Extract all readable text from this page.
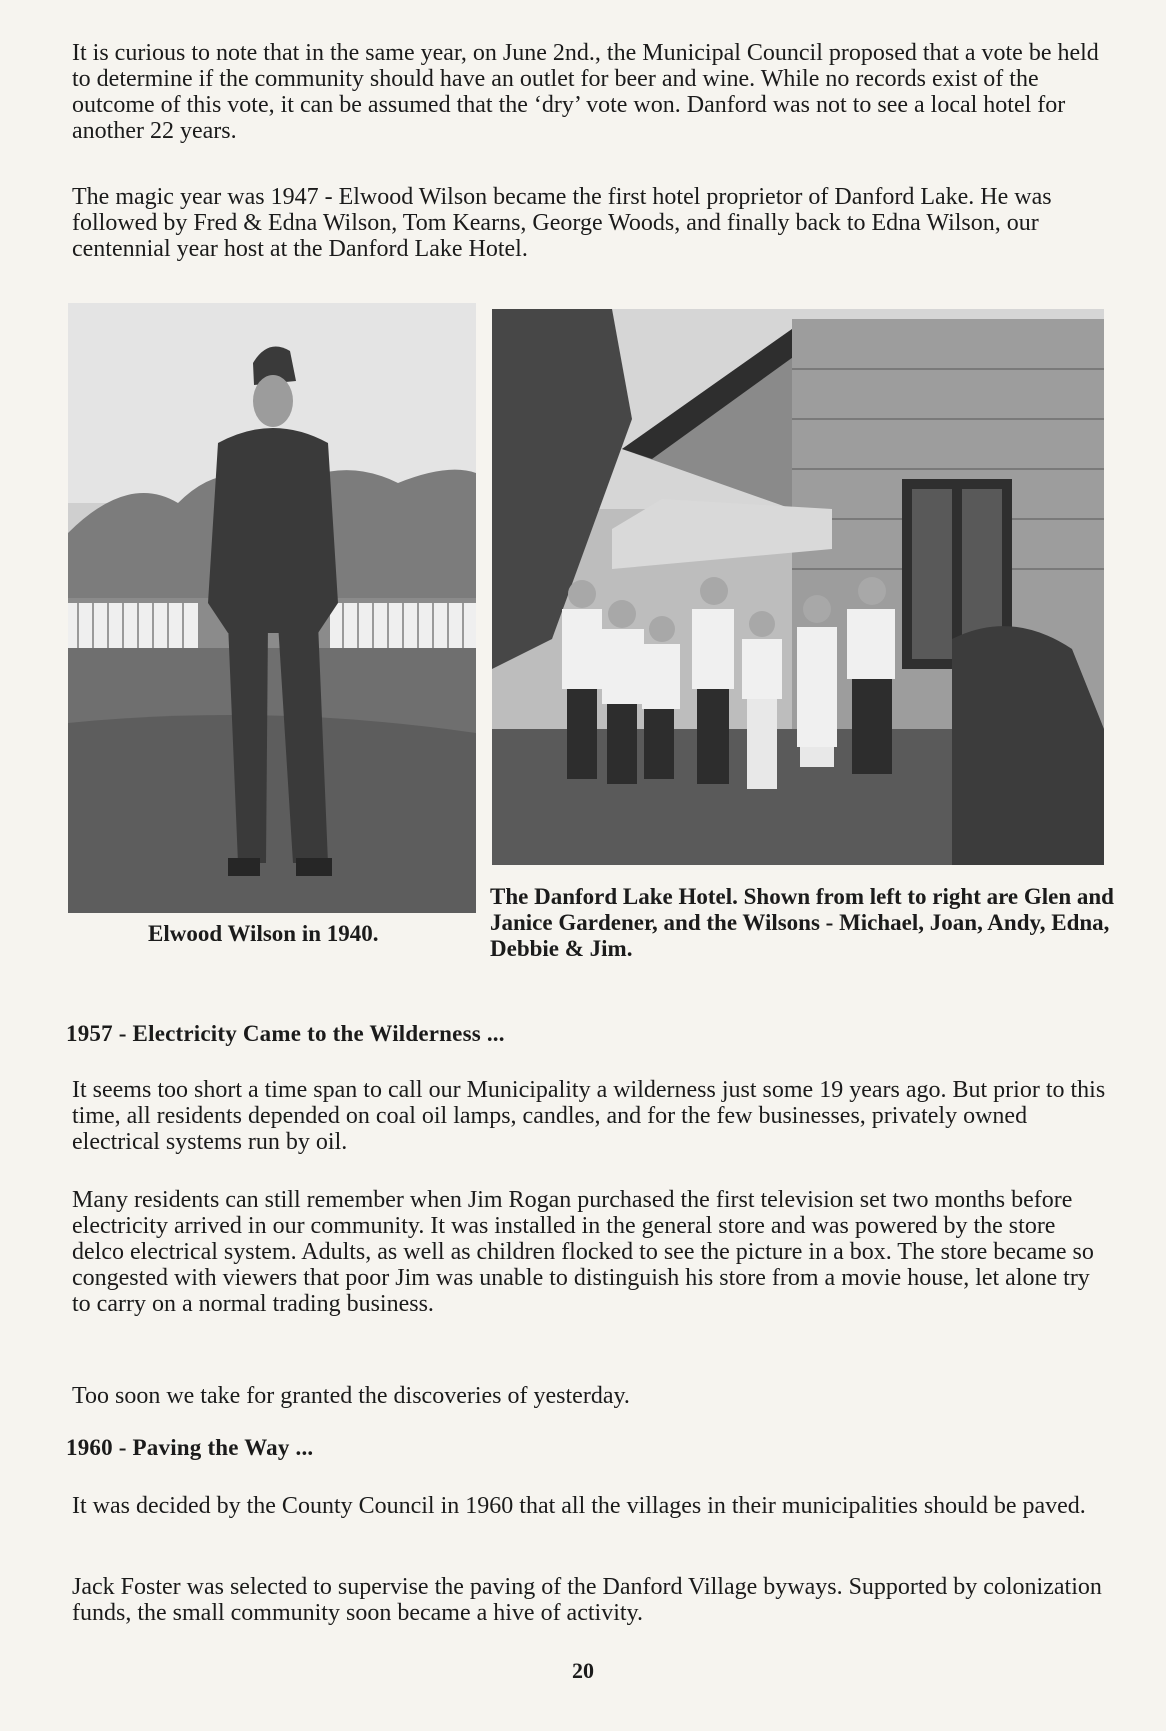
It is curious to note that in the same year, on June 2nd., the Municipal Council proposed that a vote be held to determine if the community should have an outlet for beer and wine. While no records exist of the outcome of this vote, it can be assumed that the ‘dry’ vote won. Danford was not to see a local hotel for another 22 years.

The magic year was 1947 - Elwood Wilson became the first hotel proprietor of Danford Lake. He was followed by Fred & Edna Wilson, Tom Kearns, George Woods, and finally back to Edna Wilson, our centennial year host at the Danford Lake Hotel.

Elwood Wilson in 1940.

The Danford Lake Hotel. Shown from left to right are Glen and Janice Gardener, and the Wilsons - Michael, Joan, Andy, Edna, Debbie & Jim.

1957 - Electricity Came to the Wilderness ...

It seems too short a time span to call our Municipality a wilderness just some 19 years ago. But prior to this time, all residents depended on coal oil lamps, candles, and for the few businesses, privately owned electrical systems run by oil.

Many residents can still remember when Jim Rogan purchased the first television set two months before electricity arrived in our community. It was installed in the general store and was powered by the store delco electrical system. Adults, as well as children flocked to see the picture in a box. The store became so congested with viewers that poor Jim was unable to distinguish his store from a movie house, let alone try to carry on a normal trading business.

Too soon we take for granted the discoveries of yesterday.

1960 - Paving the Way ...

It was decided by the County Council in 1960 that all the villages in their municipalities should be paved.

Jack Foster was selected to supervise the paving of the Danford Village byways. Supported by colonization funds, the small community soon became a hive of activity.

20
